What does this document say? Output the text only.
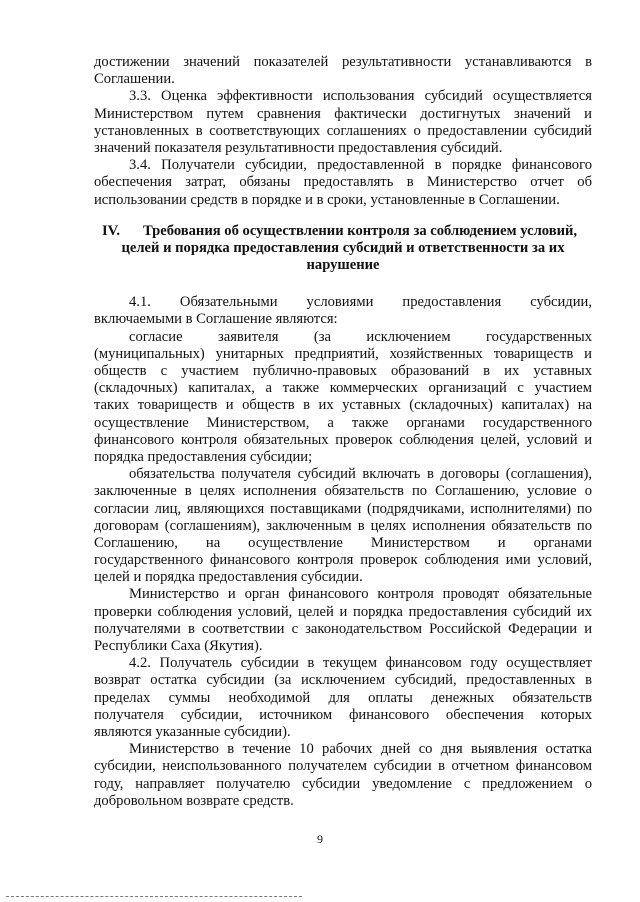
достижении значений показателей результативности устанавливаются в
Соглашении.
3.3. Оценка эффективности использования субсидий осуществляется
Министерством путем сравнения фактически достигнутых значений и
установленных в соответствующих соглашениях о предоставлении субсидий
значений показателя результативности предоставления субсидий.
3.4. Получатели субсидии, предоставленной в порядке финансового
обеспечения затрат, обязаны предоставлять в Министерство отчет об
использовании средств в порядке и в сроки, установленные в Соглашении.
IV.	Требования об осуществлении контроля за соблюдением условий,
целей и порядка предоставления субсидий и ответственности за их
нарушение
4.1. Обязательными условиями предоставления субсидии,
включаемыми в Соглашение являются:
согласие заявителя (за исключением государственных
(муниципальных) унитарных предприятий, хозяйственных товариществ и
обществ с участием публично-правовых образований в их уставных
(складочных) капиталах, а также коммерческих организаций с участием
таких товариществ и обществ в их уставных (складочных) капиталах) на
осуществление Министерством, а также органами государственного
финансового контроля обязательных проверок соблюдения целей, условий и
порядка предоставления субсидии;
обязательства получателя субсидий включать в договоры (соглашения),
заключенные в целях исполнения обязательств по Соглашению, условие о
согласии лиц, являющихся поставщиками (подрядчиками, исполнителями) по
договорам (соглашениям), заключенным в целях исполнения обязательств по
Соглашению, на осуществление Министерством и органами
государственного финансового контроля проверок соблюдения ими условий,
целей и порядка предоставления субсидии.
Министерство и орган финансового контроля проводят обязательные
проверки соблюдения условий, целей и порядка предоставления субсидий их
получателями в соответствии с законодательством Российской Федерации и
Республики Саха (Якутия).
4.2. Получатель субсидии в текущем финансовом году осуществляет
возврат остатка субсидии (за исключением субсидий, предоставленных в
пределах суммы необходимой для оплаты денежных обязательств
получателя субсидии, источником финансового обеспечения которых
являются указанные субсидии).
Министерство в течение 10 рабочих дней со дня выявления остатка
субсидии, неиспользованного получателем субсидии в отчетном финансовом
году, направляет получателю субсидии уведомление с предложением о
добровольном возврате средств.
9
